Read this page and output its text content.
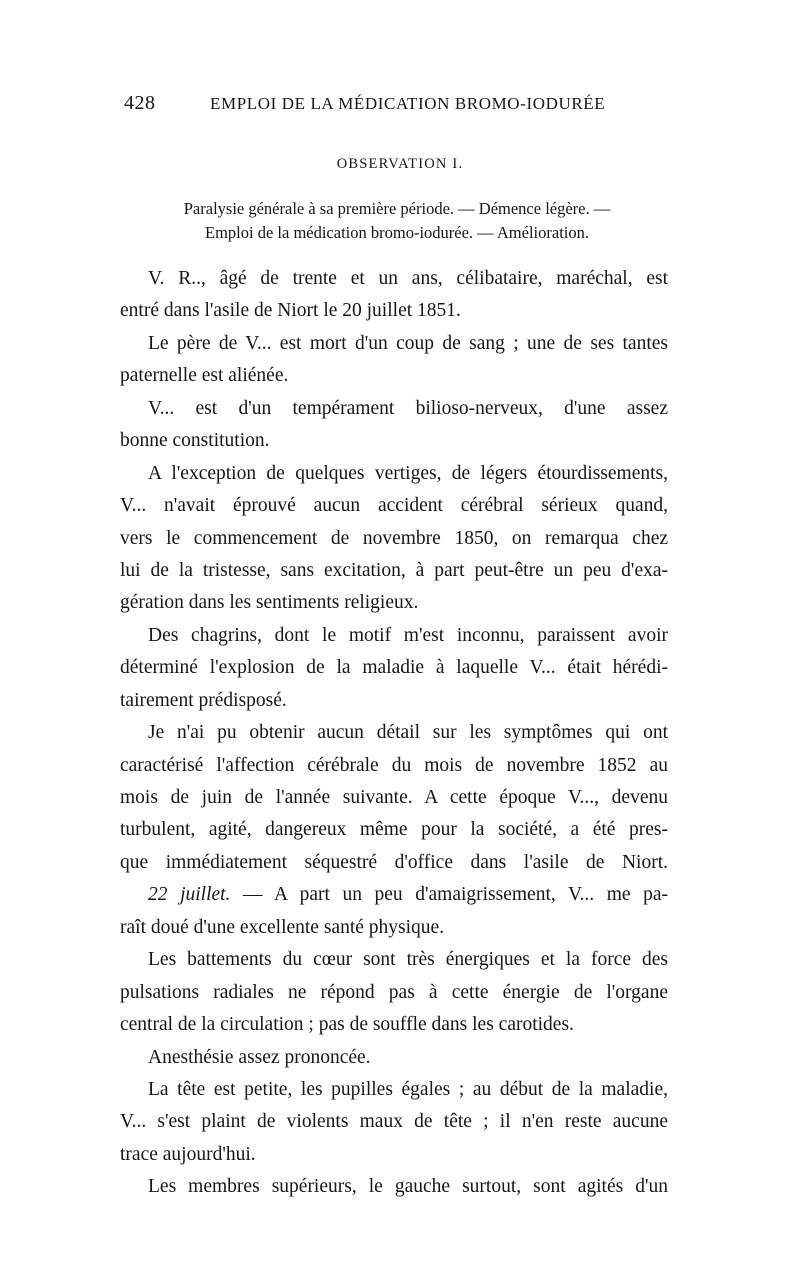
428	EMPLOI DE LA MÉDICATION BROMO-IODURÉE
OBSERVATION I.
Paralysie générale à sa première période. — Démence légère. —
Emploi de la médication bromo-iodurée. — Amélioration.
V. R.., âgé de trente et un ans, célibataire, maréchal, est
entré dans l'asile de Niort le 20 juillet 1851.
Le père de V... est mort d'un coup de sang ; une de ses tantes
paternelle est aliénée.
V... est d'un tempérament bilioso-nerveux, d'une assez
bonne constitution.
A l'exception de quelques vertiges, de légers étourdissements,
V... n'avait éprouvé aucun accident cérébral sérieux quand,
vers le commencement de novembre 1850, on remarqua chez
lui de la tristesse, sans excitation, à part peut-être un peu d'exa-
gération dans les sentiments religieux.
Des chagrins, dont le motif m'est inconnu, paraissent avoir
déterminé l'explosion de la maladie à laquelle V... était hérédi-
tairement prédisposé.
Je n'ai pu obtenir aucun détail sur les symptômes qui ont
caractérisé l'affection cérébrale du mois de novembre 1852 au
mois de juin de l'année suivante. A cette époque V..., devenu
turbulent, agité, dangereux même pour la société, a été pres-
que immédiatement séquestré d'office dans l'asile de Niort.
22 juillet. — A part un peu d'amaigrissement, V... me pa-
raît doué d'une excellente santé physique.
Les battements du cœur sont très énergiques et la force des
pulsations radiales ne répond pas à cette énergie de l'organe
central de la circulation ; pas de souffle dans les carotides.
Anesthésie assez prononcée.
La tête est petite, les pupilles égales ; au début de la maladie,
V... s'est plaint de violents maux de tête ; il n'en reste aucune
trace aujourd'hui.
Les membres supérieurs, le gauche surtout, sont agités d'un
